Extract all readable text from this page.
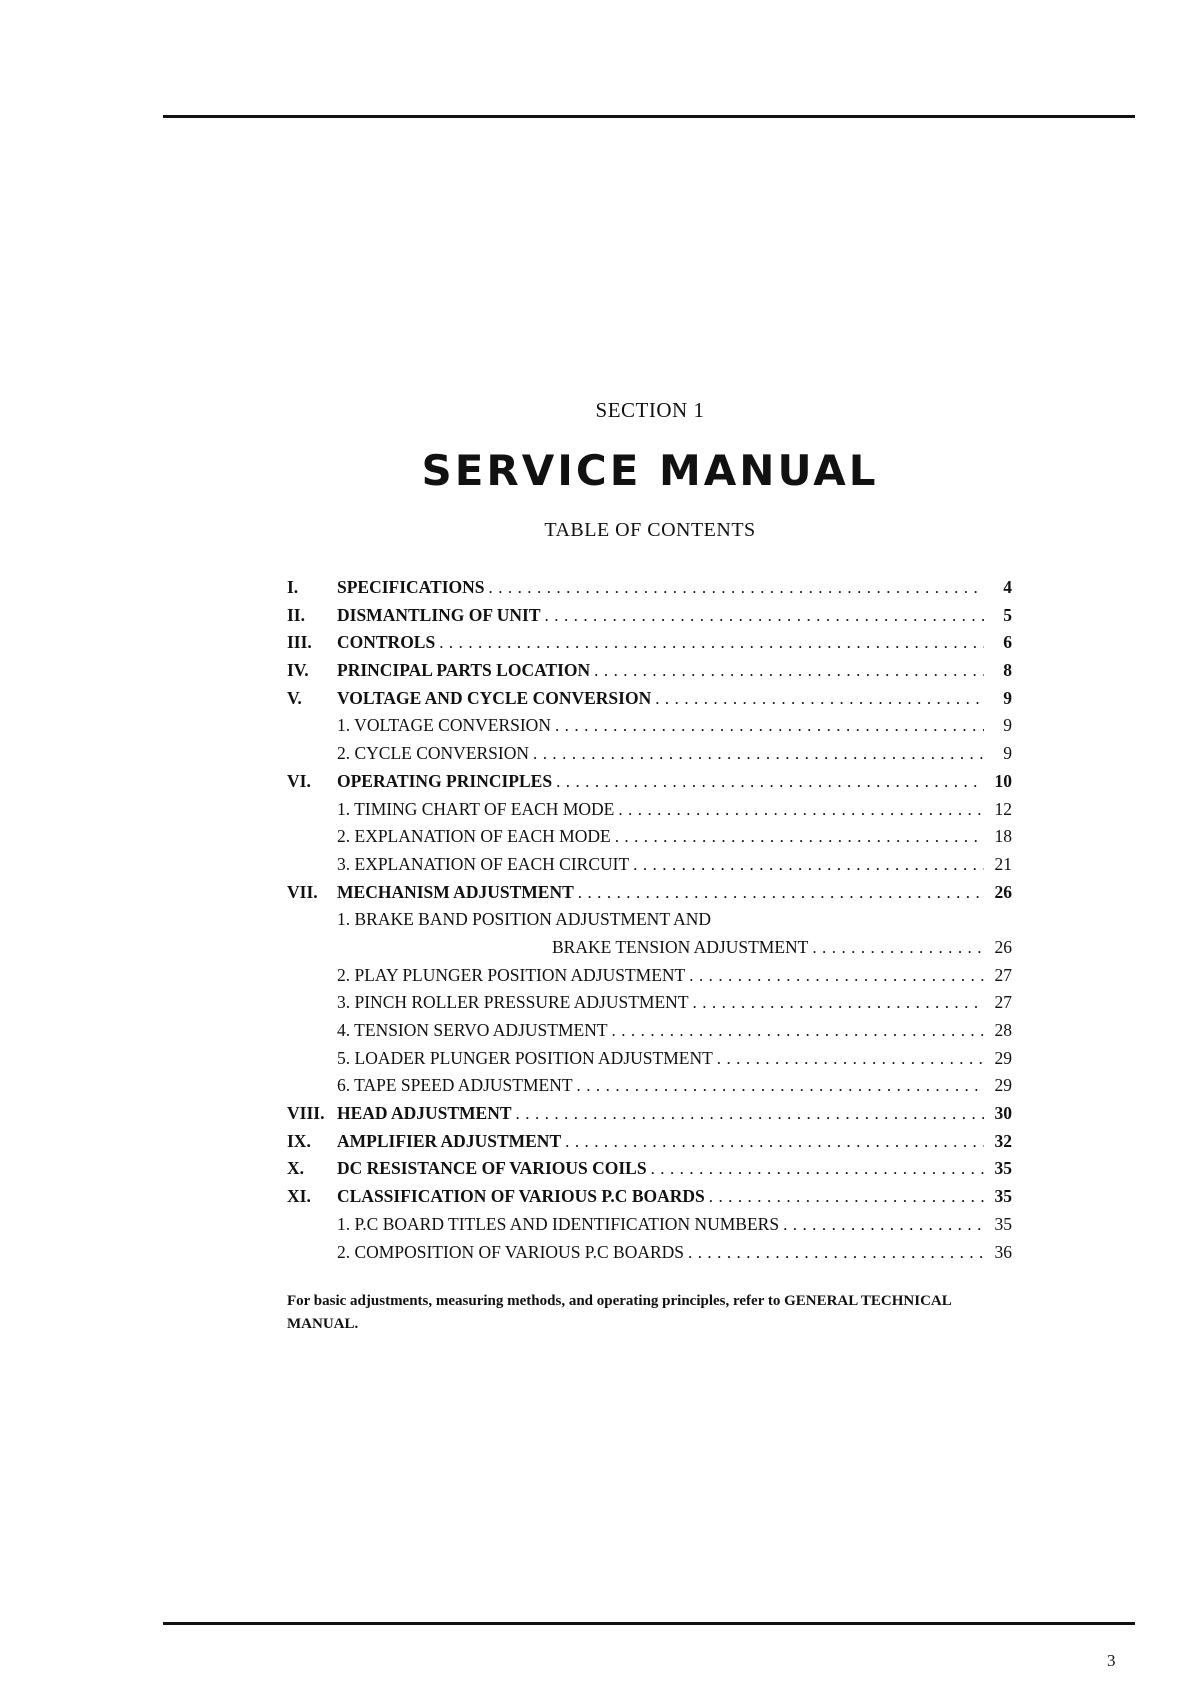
SECTION 1
SERVICE MANUAL
TABLE OF CONTENTS
I.	SPECIFICATIONS . . .	4
II.	DISMANTLING OF UNIT . . .	5
III.	CONTROLS . . .	6
IV.	PRINCIPAL PARTS LOCATION . . .	8
V.	VOLTAGE AND CYCLE CONVERSION . . .	9
1. VOLTAGE CONVERSION . . .	9
2. CYCLE CONVERSION . . .	9
VI.	OPERATING PRINCIPLES . . .	10
1. TIMING CHART OF EACH MODE . . .	12
2. EXPLANATION OF EACH MODE . . .	18
3. EXPLANATION OF EACH CIRCUIT . . .	21
VII.	MECHANISM ADJUSTMENT . . .	26
1. BRAKE BAND POSITION ADJUSTMENT AND
BRAKE TENSION ADJUSTMENT . . .	26
2. PLAY PLUNGER POSITION ADJUSTMENT . . .	27
3. PINCH ROLLER PRESSURE ADJUSTMENT . . .	27
4. TENSION SERVO ADJUSTMENT . . .	28
5. LOADER PLUNGER POSITION ADJUSTMENT . . .	29
6. TAPE SPEED ADJUSTMENT . . .	29
VIII. HEAD ADJUSTMENT . . .	30
IX.	AMPLIFIER ADJUSTMENT . . .	32
X.	DC RESISTANCE OF VARIOUS COILS . . .	35
XI.	CLASSIFICATION OF VARIOUS P.C BOARDS . . .	35
1. P.C BOARD TITLES AND IDENTIFICATION NUMBERS . . .	35
2. COMPOSITION OF VARIOUS P.C BOARDS . . .	36
For basic adjustments, measuring methods, and operating principles, refer to GENERAL TECHNICAL MANUAL.
3
